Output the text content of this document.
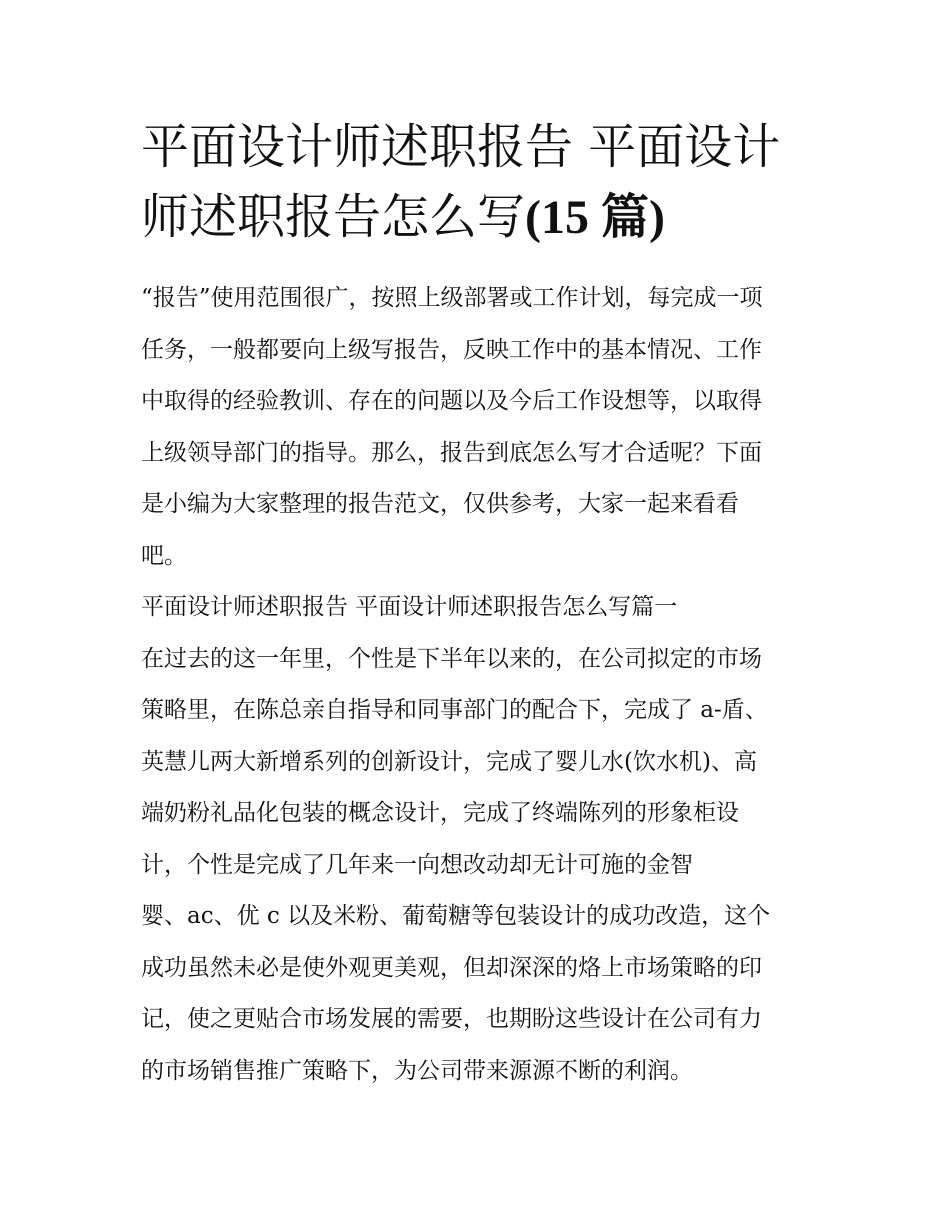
平面设计师述职报告 平面设计
师述职报告怎么写(15 篇)

“报告”使用范围很广，按照上级部署或工作计划，每完成一项
任务，一般都要向上级写报告，反映工作中的基本情况、工作
中取得的经验教训、存在的问题以及今后工作设想等，以取得
上级领导部门的指导。那么，报告到底怎么写才合适呢？下面
是小编为大家整理的报告范文，仅供参考，大家一起来看看
吧。

平面设计师述职报告 平面设计师述职报告怎么写篇一

在过去的这一年里，个性是下半年以来的，在公司拟定的市场
策略里，在陈总亲自指导和同事部门的配合下，完成了 a-盾、
英慧儿两大新增系列的创新设计，完成了婴儿水(饮水机)、高
端奶粉礼品化包装的概念设计，完成了终端陈列的形象柜设
计，个性是完成了几年来一向想改动却无计可施的金智
婴、ac、优 c 以及米粉、葡萄糖等包装设计的成功改造，这个
成功虽然未必是使外观更美观，但却深深的烙上市场策略的印
记，使之更贴合市场发展的需要，也期盼这些设计在公司有力
的市场销售推广策略下，为公司带来源源不断的利润。
